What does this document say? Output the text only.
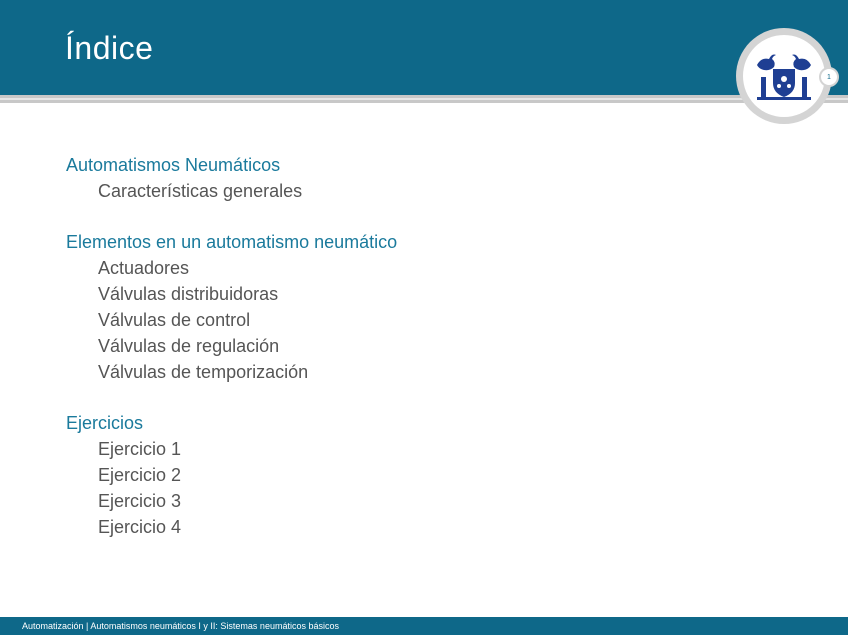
Índice
1
Automatismos Neumáticos
Características generales
Elementos en un automatismo neumático
Actuadores
Válvulas distribuidoras
Válvulas de control
Válvulas de regulación
Válvulas de temporización
Ejercicios
Ejercicio 1
Ejercicio 2
Ejercicio 3
Ejercicio 4
Automatización | Automatismos neumáticos I y II: Sistemas neumáticos básicos
